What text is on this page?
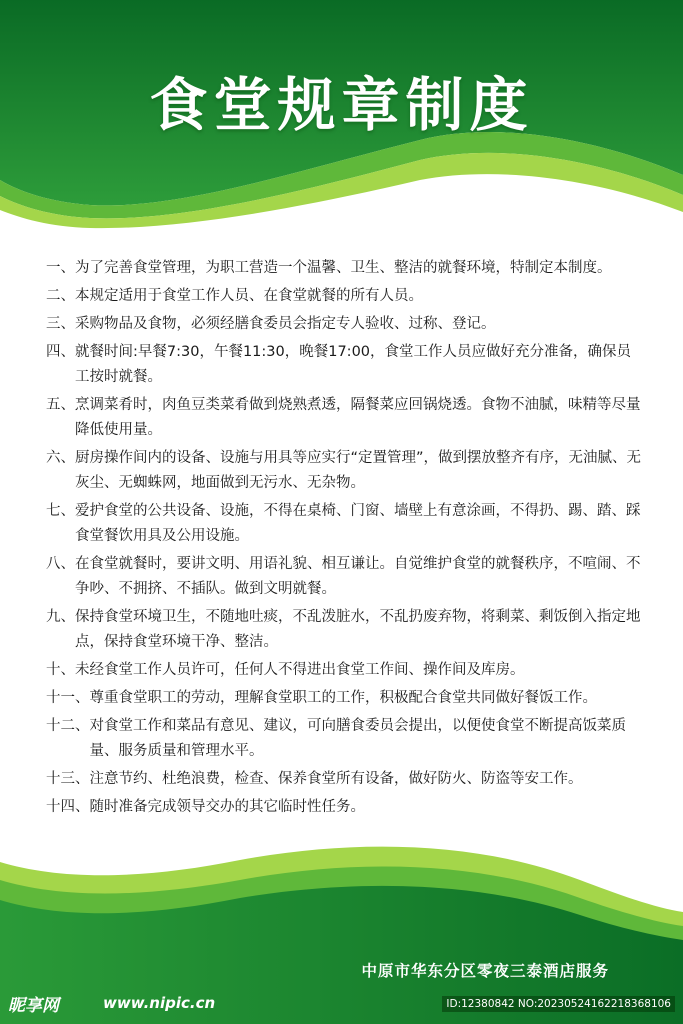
食堂规章制度
一、 为了完善食堂管理，为职工营造一个温馨、卫生、整洁的就餐环境，特制定本制度。
二、 本规定适用于食堂工作人员、在食堂就餐的所有人员。
三、 采购物品及食物，必须经膳食委员会指定专人验收、过称、登记。
四、 就餐时间:早餐7:30，午餐11:30，晚餐17:00，食堂工作人员应做好充分准备，确保员工按时就餐。
五、 烹调菜肴时，肉鱼豆类菜肴做到烧熟煮透，隔餐菜应回锅烧透。食物不油腻，味精等尽量降低使用量。
六、 厨房操作间内的设备、设施与用具等应实行“定置管理”，做到摆放整齐有序，无油腻、无灰尘、无蜘蛛网，地面做到无污水、无杂物。
七、 爱护食堂的公共设备、设施，不得在桌椅、门窗、墙壁上有意涂画，不得扔、踢、踏、踩食堂餐饮用具及公用设施。
八、 在食堂就餐时，要讲文明、用语礼貌、相互谦让。自觉维护食堂的就餐秩序，不喧闹、不争吵、不拥挤、不插队。做到文明就餐。
九、 保持食堂环境卫生，不随地吐痰，不乱泼脏水，不乱扔废弃物，将剩菜、剩饭倒入指定地点，保持食堂环境干净、整洁。
十、 未经食堂工作人员许可，任何人不得进出食堂工作间、操作间及库房。
十一、 尊重食堂职工的劳动，理解食堂职工的工作，积极配合食堂共同做好餐饭工作。
十二、 对食堂工作和菜品有意见、建议，可向膳食委员会提出，以便使食堂不断提高饭菜质量、服务质量和管理水平。
十三、 注意节约、杜绝浪费，检查、保养食堂所有设备，做好防火、防盗等安工作。
十四、 随时准备完成领导交办的其它临时性任务。
中原市华东分区零夜三泰酒店服务
昵享网	www.nipic.cn	ID:12380842 NO:20230524162218368106
